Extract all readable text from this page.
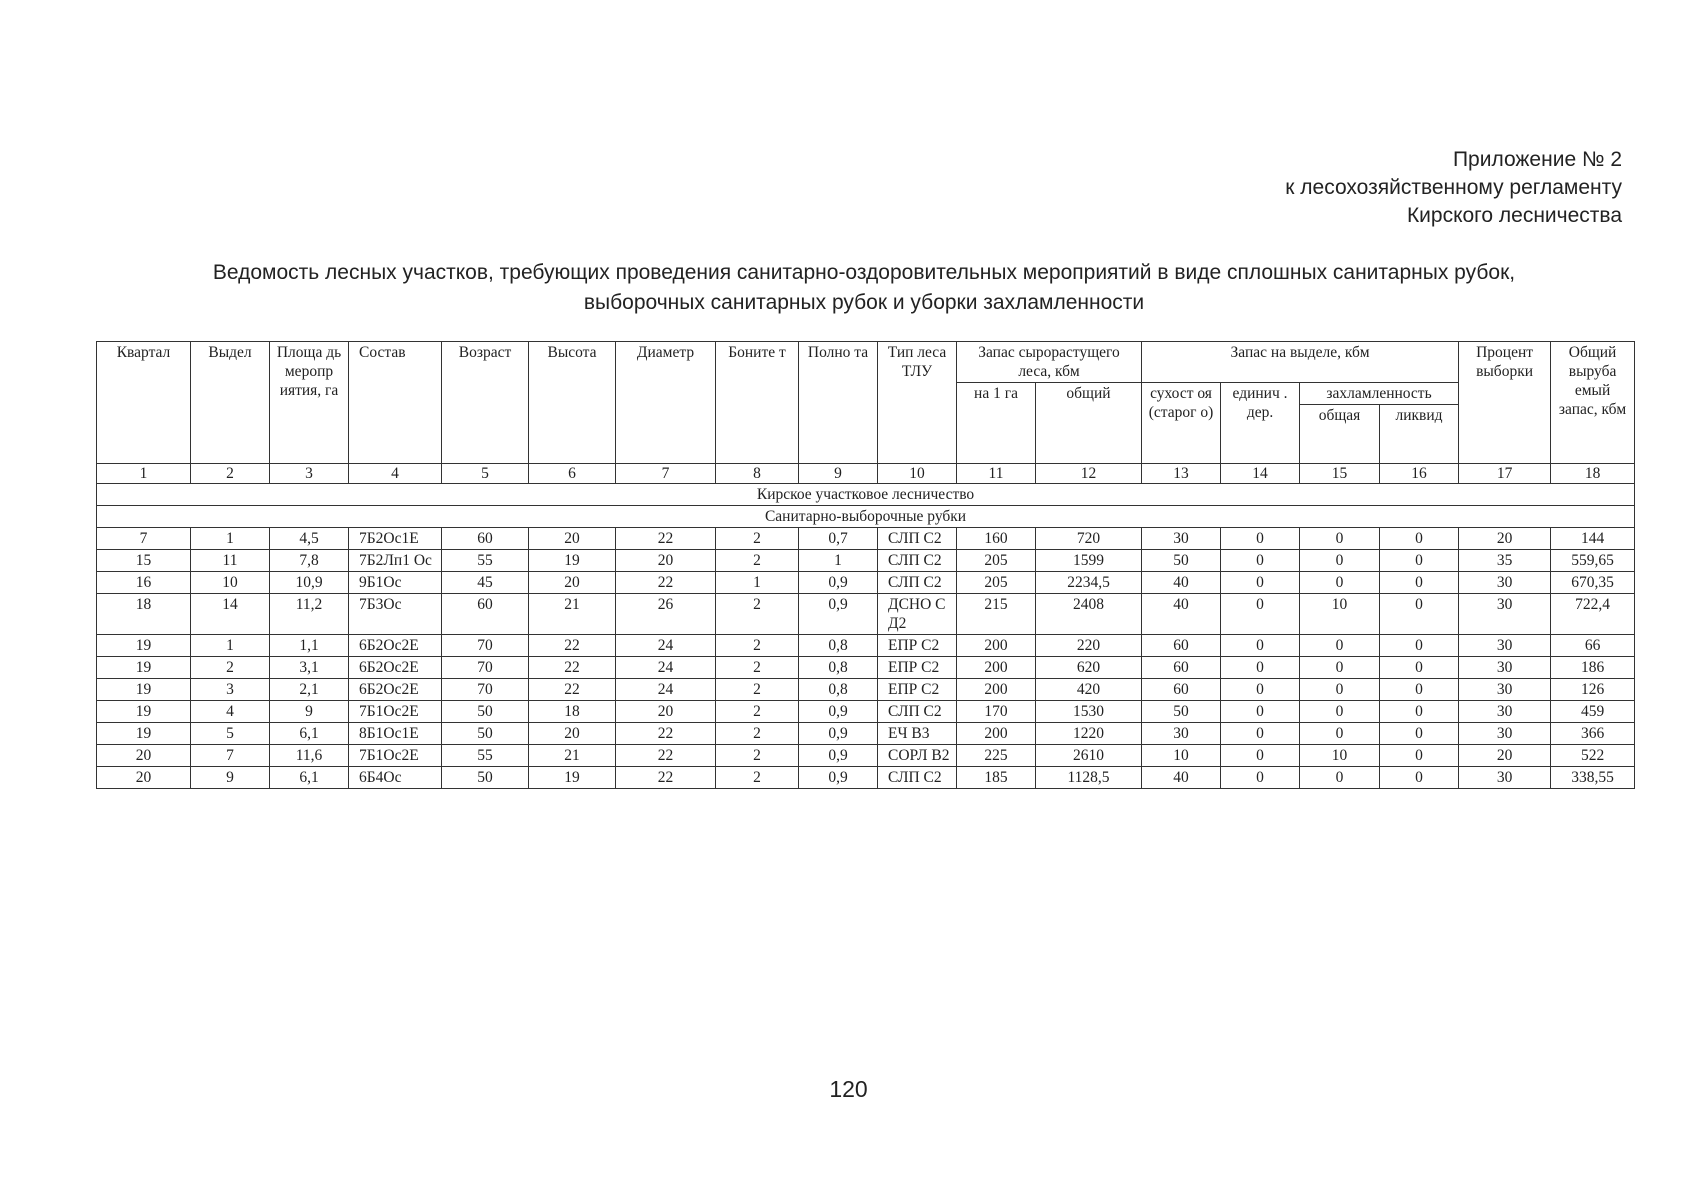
Приложение № 2
к лесохозяйственному регламенту
Кирского лесничества
Ведомость лесных участков, требующих проведения санитарно-оздоровительных мероприятий в виде сплошных санитарных рубок,
выборочных санитарных рубок и уборки захламленности
Квартал	Выдел	Площа дь меропр иятия, га	Состав	Возраст	Высота	Диаметр	Боните т	Полно та	Тип леса ТЛУ	Запас сырорастущего леса, кбм		Запас на выделе, кбм				Процент выборки	Общий выруба емый запас, кбм
										на 1 га	общий	сухост оя (старог о)	единич . дер.	захламленность			
														общая	ликвид		
1	2	3	4	5	6	7	8	9	10	11	12	13	14	15	16	17	18
Кирское участковое лесничество																	
Санитарно-выборочные рубки																	
7	1	4,5	7Б2Ос1Е	60	20	22	2	0,7	СЛП С2	160	720	30	0	0	0	20	144
15	11	7,8	7Б2Лп1 Ос	55	19	20	2	1	СЛП С2	205	1599	50	0	0	0	35	559,65
16	10	10,9	9Б1Ос	45	20	22	1	0,9	СЛП С2	205	2234,5	40	0	0	0	30	670,35
18	14	11,2	7Б3Ос	60	21	26	2	0,9	ДСНО С Д2	215	2408	40	0	10	0	30	722,4
19	1	1,1	6Б2Ос2Е	70	22	24	2	0,8	ЕПР С2	200	220	60	0	0	0	30	66
19	2	3,1	6Б2Ос2Е	70	22	24	2	0,8	ЕПР С2	200	620	60	0	0	0	30	186
19	3	2,1	6Б2Ос2Е	70	22	24	2	0,8	ЕПР С2	200	420	60	0	0	0	30	126
19	4	9	7Б1Ос2Е	50	18	20	2	0,9	СЛП С2	170	1530	50	0	0	0	30	459
19	5	6,1	8Б1Ос1Е	50	20	22	2	0,9	ЕЧ В3	200	1220	30	0	0	0	30	366
20	7	11,6	7Б1Ос2Е	55	21	22	2	0,9	СОРЛ В2	225	2610	10	0	10	0	20	522
20	9	6,1	6Б4Ос	50	19	22	2	0,9	СЛП С2	185	1128,5	40	0	0	0	30	338,55
120
